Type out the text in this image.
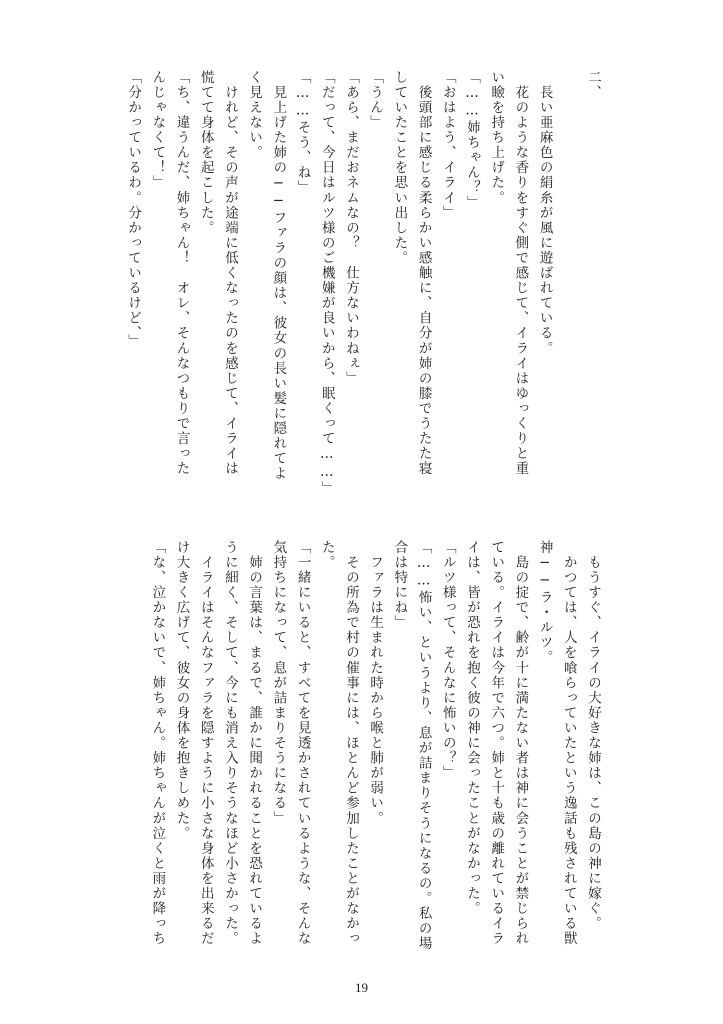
二、

　長い亜麻色の絹糸が風に遊ばれている。
　花のような香りをすぐ側で感じて、イライはゆっくりと重
い瞼を持ち上げた。
「……姉ちゃん？」
「おはよう、イライ」
　後頭部に感じる柔らかい感触に、自分が姉の膝でうたた寝
していたことを思い出した。
「うん」
「あら、まだおネムなの？　仕方ないわねぇ」
「だって、今日はルツ様のご機嫌が良いから、眠くって……」
「……そう、ね」
　見上げた姉の──ファラの顔は、彼女の長い髪に隠れてよ
く見えない。
　けれど、その声が途端に低くなったのを感じて、イライは
慌てて身体を起こした。
「ち、違うんだ、姉ちゃん！　オレ、そんなつもりで言った
んじゃなくて！」
「分かっているわ。分かっているけど、」
　もうすぐ、イライの大好きな姉は、この島の神に嫁ぐ。
　かつては、人を喰らっていたという逸話も残されている獣
神──ラ・ルツ。
　島の掟で、齢が十に満たない者は神に会うことが禁じられ
ている。イライは今年で六つ。姉と十も歳の離れているイラ
イは、皆が恐れを抱く彼の神に会ったことがなかった。
「ルツ様って、そんなに怖いの？」
「……怖い、というより、息が詰まりそうになるの。私の場
合は特にね」
　ファラは生まれた時から喉と肺が弱い。
　その所為で村の催事には、ほとんど参加したことがなかっ
た。
「一緒にいると、すべてを見透かされているような、そんな
気持ちになって、息が詰まりそうになる」
　姉の言葉は、まるで、誰かに聞かれることを恐れているよ
うに細く、そして、今にも消え入りそうなほど小さかった。
　イライはそんなファラを隠すように小さな身体を出来るだ
け大きく広げて、彼女の身体を抱きしめた。
「な、泣かないで、姉ちゃん。姉ちゃんが泣くと雨が降っち
19
